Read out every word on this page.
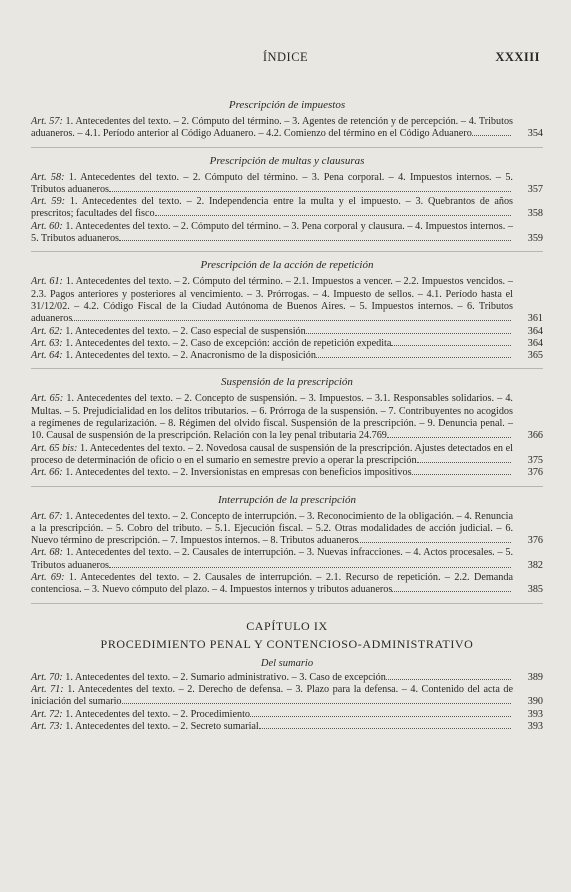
ÍNDICE	XXXIII
Prescripción de impuestos
Art. 57: 1. Antecedentes del texto. – 2. Cómputo del término. – 3. Agentes de retención y de percepción. – 4. Tributos aduaneros. – 4.1. Período anterior al Código Aduanero. – 4.2. Comienzo del término en el Código Aduanero	354
Prescripción de multas y clausuras
Art. 58: 1. Antecedentes del texto. – 2. Cómputo del término. – 3. Pena corporal. – 4. Impuestos internos. – 5. Tributos aduaneros	357
Art. 59: 1. Antecedentes del texto. – 2. Independencia entre la multa y el impuesto. – 3. Quebrantos de años prescritos; facultades del fisco	358
Art. 60: 1. Antecedentes del texto. – 2. Cómputo del término. – 3. Pena corporal y clausura. – 4. Impuestos internos. – 5. Tributos aduaneros	359
Prescripción de la acción de repetición
Art. 61: 1. Antecedentes del texto. – 2. Cómputo del término. – 2.1. Impuestos a vencer. – 2.2. Impuestos vencidos. – 2.3. Pagos anteriores y posteriores al vencimiento. – 3. Prórrogas. – 4. Impuesto de sellos. – 4.1. Período hasta el 31/12/02. – 4.2. Código Fiscal de la Ciudad Autónoma de Buenos Aires. – 5. Impuestos internos. – 6. Tributos aduaneros	361
Art. 62: 1. Antecedentes del texto. – 2. Caso especial de suspensión	364
Art. 63: 1. Antecedentes del texto. – 2. Caso de excepción: acción de repetición expedita	364
Art. 64: 1. Antecedentes del texto. – 2. Anacronismo de la disposición	365
Suspensión de la prescripción
Art. 65: 1. Antecedentes del texto. – 2. Concepto de suspensión. – 3. Impuestos. – 3.1. Responsables solidarios. – 4. Multas. – 5. Prejudicialidad en los delitos tributarios. – 6. Prórroga de la suspensión. – 7. Contribuyentes no acogidos a regímenes de regularización. – 8. Régimen del olvido fiscal. Suspensión de la prescripción. – 9. Denuncia penal. – 10. Causal de suspensión de la prescripción. Relación con la ley penal tributaria 24.769	366
Art. 65 bis: 1. Antecedentes del texto. – 2. Novedosa causal de suspensión de la prescripción. Ajustes detectados en el proceso de determinación de oficio o en el sumario en semestre previo a operar la prescripción	375
Art. 66: 1. Antecedentes del texto. – 2. Inversionistas en empresas con beneficios impositivos	376
Interrupción de la prescripción
Art. 67: 1. Antecedentes del texto. – 2. Concepto de interrupción. – 3. Reconocimiento de la obligación. – 4. Renuncia a la prescripción. – 5. Cobro del tributo. – 5.1. Ejecución fiscal. – 5.2. Otras modalidades de acción judicial. – 6. Nuevo término de prescripción. – 7. Impuestos internos. – 8. Tributos aduaneros	376
Art. 68: 1. Antecedentes del texto. – 2. Causales de interrupción. – 3. Nuevas infracciones. – 4. Actos procesales. – 5. Tributos aduaneros	382
Art. 69: 1. Antecedentes del texto. – 2. Causales de interrupción. – 2.1. Recurso de repetición. – 2.2. Demanda contenciosa. – 3. Nuevo cómputo del plazo. – 4. Impuestos internos y tributos aduaneros	385
CAPÍTULO IX
PROCEDIMIENTO PENAL Y CONTENCIOSO-ADMINISTRATIVO
Del sumario
Art. 70: 1. Antecedentes del texto. – 2. Sumario administrativo. – 3. Caso de excepción	389
Art. 71: 1. Antecedentes del texto. – 2. Derecho de defensa. – 3. Plazo para la defensa. – 4. Contenido del acta de iniciación del sumario	390
Art. 72: 1. Antecedentes del texto. – 2. Procedimiento	393
Art. 73: 1. Antecedentes del texto. – 2. Secreto sumarial	393
